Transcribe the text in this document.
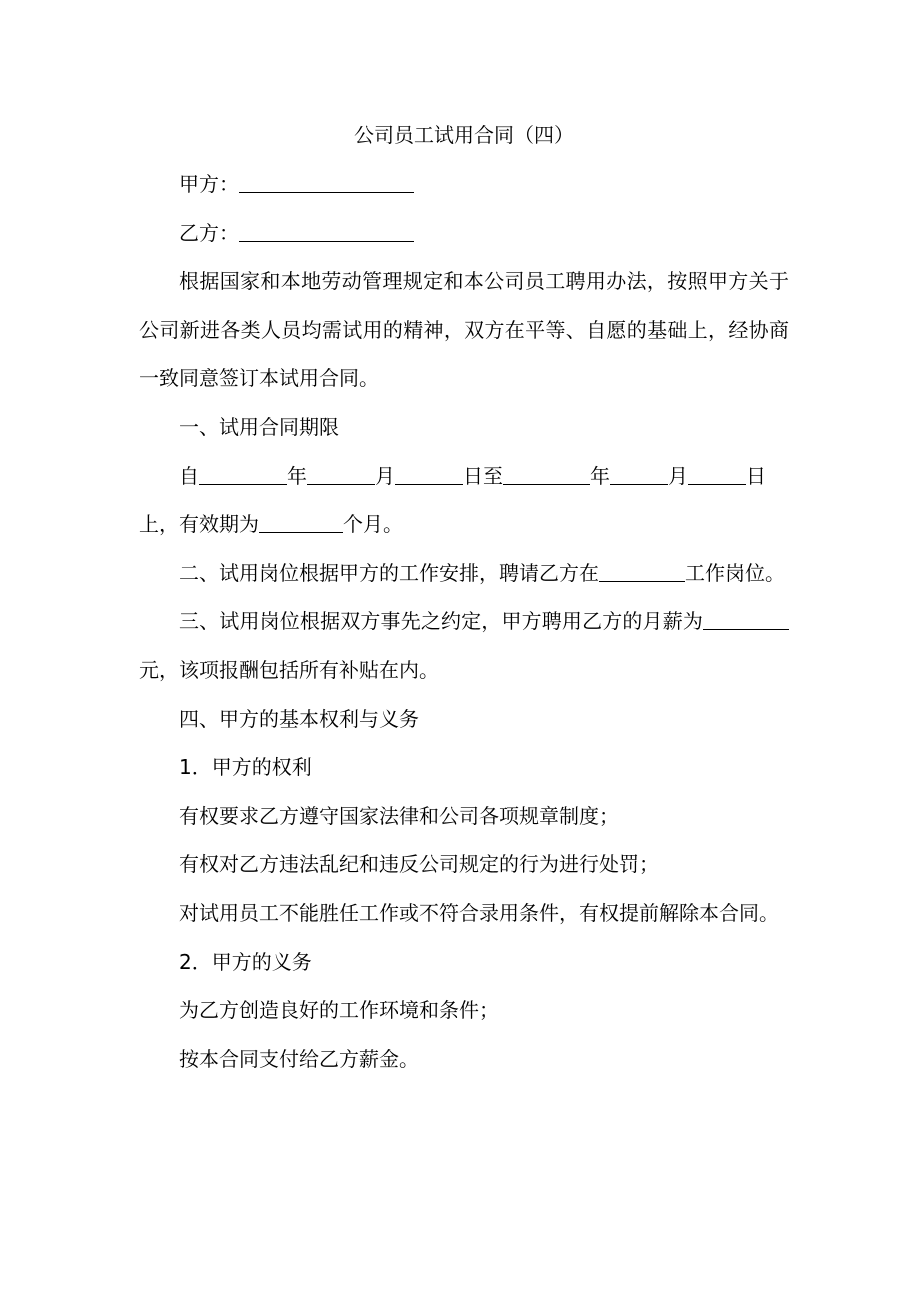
公司员工试用合同（四）
甲方：
乙方：
根据国家和本地劳动管理规定和本公司员工聘用办法，按照甲方关于公司新进各类人员均需试用的精神，双方在平等、自愿的基础上，经协商一致同意签订本试用合同。
一、试用合同期限
自	年	月	日至	年	月	日
上，有效期为	个月。
二、试用岗位根据甲方的工作安排，聘请乙方在	工作岗位。
三、试用岗位根据双方事先之约定，甲方聘用乙方的月薪为元，该项报酬包括所有补贴在内。
四、甲方的基本权利与义务
1．甲方的权利
有权要求乙方遵守国家法律和公司各项规章制度；
有权对乙方违法乱纪和违反公司规定的行为进行处罚；
对试用员工不能胜任工作或不符合录用条件，有权提前解除本合同。
2．甲方的义务
为乙方创造良好的工作环境和条件；
按本合同支付给乙方薪金。
